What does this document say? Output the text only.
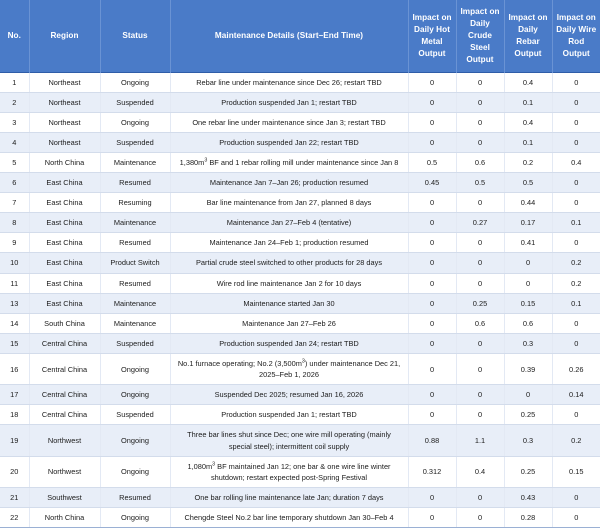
No.	Region	Status	Maintenance Details (Start–End Time)	Impact on Daily Hot Metal Output	Impact on Daily Crude Steel Output	Impact on Daily Rebar Output	Impact on Daily Wire Rod Output
1	Northeast	Ongoing	Rebar line under maintenance since Dec 26; restart TBD	0	0	0.4	0
2	Northeast	Suspended	Production suspended Jan 1; restart TBD	0	0	0.1	0
3	Northeast	Ongoing	One rebar line under maintenance since Jan 3; restart TBD	0	0	0.4	0
4	Northeast	Suspended	Production suspended Jan 22; restart TBD	0	0	0.1	0
5	North China	Maintenance	$1,380m^3$ BF and 1 rebar rolling mill under maintenance since Jan 8	0.5	0.6	0.2	0.4
6	East China	Resumed	Maintenance Jan 7–Jan 26; production resumed	0.45	0.5	0.5	0
7	East China	Resuming	Bar line maintenance from Jan 27, planned 8 days	0	0	0.44	0
8	East China	Maintenance	Maintenance Jan 27–Feb 4 (tentative)	0	0.27	0.17	0.1
9	East China	Resumed	Maintenance Jan 24–Feb 1; production resumed	0	0	0.41	0
10	East China	Product Switch	Partial crude steel switched to other products for 28 days	0	0	0	0.2
11	East China	Resumed	Wire rod line maintenance Jan 2 for 10 days	0	0	0	0.2
13	East China	Maintenance	Maintenance started Jan 30	0	0.25	0.15	0.1
14	South China	Maintenance	Maintenance Jan 27–Feb 26	0	0.6	0.6	0
15	Central China	Suspended	Production suspended Jan 24; restart TBD	0	0	0.3	0
16	Central China	Ongoing	No.1 furnace operating; No.2 $(3,500m^3)$ under maintenance Dec 21, 2025–Feb 1, 2026	0	0	0.39	0.26
17	Central China	Ongoing	Suspended Dec 2025; resumed Jan 16, 2026	0	0	0	0.14
18	Central China	Suspended	Production suspended Jan 1; restart TBD	0	0	0.25	0
19	Northwest	Ongoing	Three bar lines shut since Dec; one wire mill operating (mainly special steel); intermittent coil supply	0.88	1.1	0.3	0.2
20	Northwest	Ongoing	$1,080m^3$ BF maintained Jan 12; one bar & one wire line winter shutdown; restart expected post-Spring Festival	0.312	0.4	0.25	0.15
21	Southwest	Resumed	One bar rolling line maintenance late Jan; duration 7 days	0	0	0.43	0
22	North China	Ongoing	Chengde Steel No.2 bar line temporary shutdown Jan 30–Feb 4	0	0	0.28	0
